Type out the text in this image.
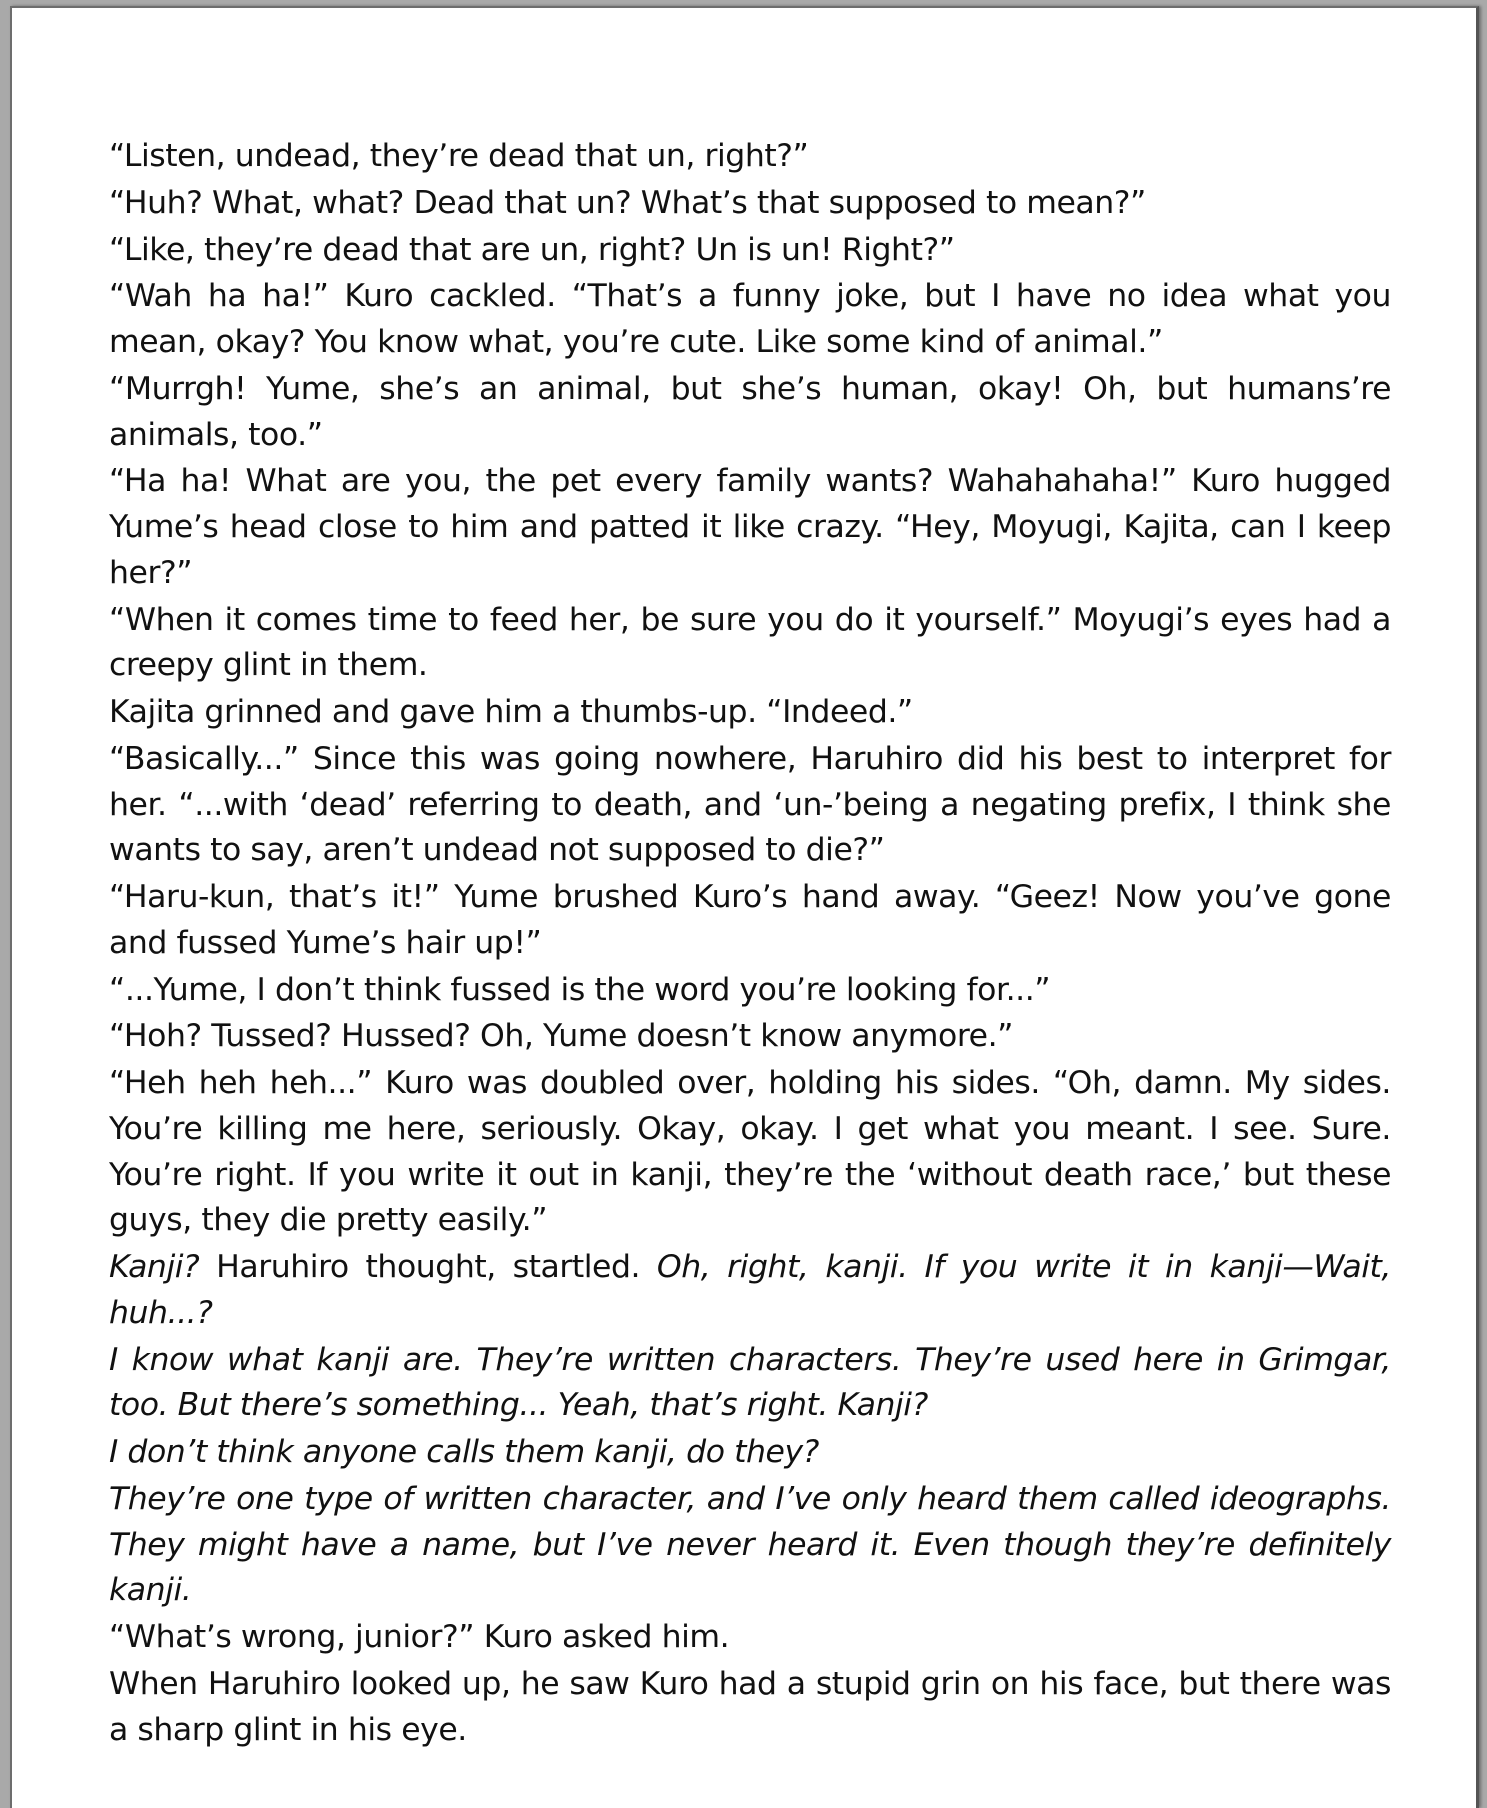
“Listen, undead, they’re dead that un, right?”

“Huh? What, what? Dead that un? What’s that supposed to mean?”

“Like, they’re dead that are un, right? Un is un! Right?”

“Wah ha ha!” Kuro cackled. “That’s a funny joke, but I have no idea what you mean, okay? You know what, you’re cute. Like some kind of animal.”

“Murrgh! Yume, she’s an animal, but she’s human, okay! Oh, but humans’re animals, too.”

“Ha ha! What are you, the pet every family wants? Wahahahaha!” Kuro hugged Yume’s head close to him and patted it like crazy. “Hey, Moyugi, Kajita, can I keep her?”

“When it comes time to feed her, be sure you do it yourself.” Moyugi’s eyes had a creepy glint in them.

Kajita grinned and gave him a thumbs-up. “Indeed.”

“Basically...” Since this was going nowhere, Haruhiro did his best to interpret for her. “...with ‘dead’ referring to death, and ‘un-’being a negating prefix, I think she wants to say, aren’t undead not supposed to die?”

“Haru-kun, that’s it!” Yume brushed Kuro’s hand away. “Geez! Now you’ve gone and fussed Yume’s hair up!”

“...Yume, I don’t think fussed is the word you’re looking for...”

“Hoh? Tussed? Hussed? Oh, Yume doesn’t know anymore.”

“Heh heh heh...” Kuro was doubled over, holding his sides. “Oh, damn. My sides. You’re killing me here, seriously. Okay, okay. I get what you meant. I see. Sure. You’re right. If you write it out in kanji, they’re the ‘without death race,’ but these guys, they die pretty easily.”

Kanji? Haruhiro thought, startled. Oh, right, kanji. If you write it in kanji—Wait, huh...?

I know what kanji are. They’re written characters. They’re used here in Grimgar, too. But there’s something... Yeah, that’s right. Kanji?

I don’t think anyone calls them kanji, do they?

They’re one type of written character, and I’ve only heard them called ideographs. They might have a name, but I’ve never heard it. Even though they’re definitely kanji.

“What’s wrong, junior?” Kuro asked him.

When Haruhiro looked up, he saw Kuro had a stupid grin on his face, but there was a sharp glint in his eye.
